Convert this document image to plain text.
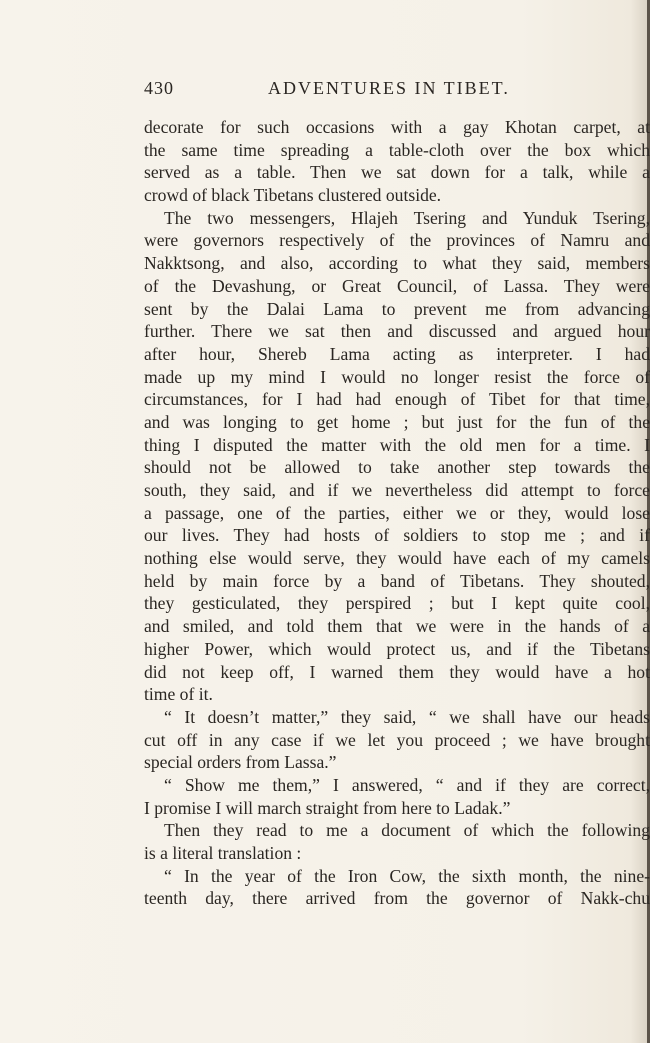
430	ADVENTURES IN TIBET.
decorate for such occasions with a gay Khotan carpet, at
the same time spreading a table-cloth over the box which
served as a table. Then we sat down for a talk, while a
crowd of black Tibetans clustered outside.
The two messengers, Hlajeh Tsering and Yunduk Tsering,
were governors respectively of the provinces of Namru and
Nakktsong, and also, according to what they said, members
of the Devashung, or Great Council, of Lassa. They were
sent by the Dalai Lama to prevent me from advancing
further. There we sat then and discussed and argued hour
after hour, Shereb Lama acting as interpreter. I had
made up my mind I would no longer resist the force of
circumstances, for I had had enough of Tibet for that time,
and was longing to get home ; but just for the fun of the
thing I disputed the matter with the old men for a time. I
should not be allowed to take another step towards the
south, they said, and if we nevertheless did attempt to force
a passage, one of the parties, either we or they, would lose
our lives. They had hosts of soldiers to stop me ; and if
nothing else would serve, they would have each of my camels
held by main force by a band of Tibetans. They shouted,
they gesticulated, they perspired ; but I kept quite cool,
and smiled, and told them that we were in the hands of a
higher Power, which would protect us, and if the Tibetans
did not keep off, I warned them they would have a hot
time of it.
“ It doesn’t matter,” they said, “ we shall have our heads
cut off in any case if we let you proceed ; we have brought
special orders from Lassa.”
“ Show me them,” I answered, “ and if they are correct,
I promise I will march straight from here to Ladak.”
Then they read to me a document of which the following
is a literal translation :
“ In the year of the Iron Cow, the sixth month, the nine-
teenth day, there arrived from the governor of Nakk-chu
